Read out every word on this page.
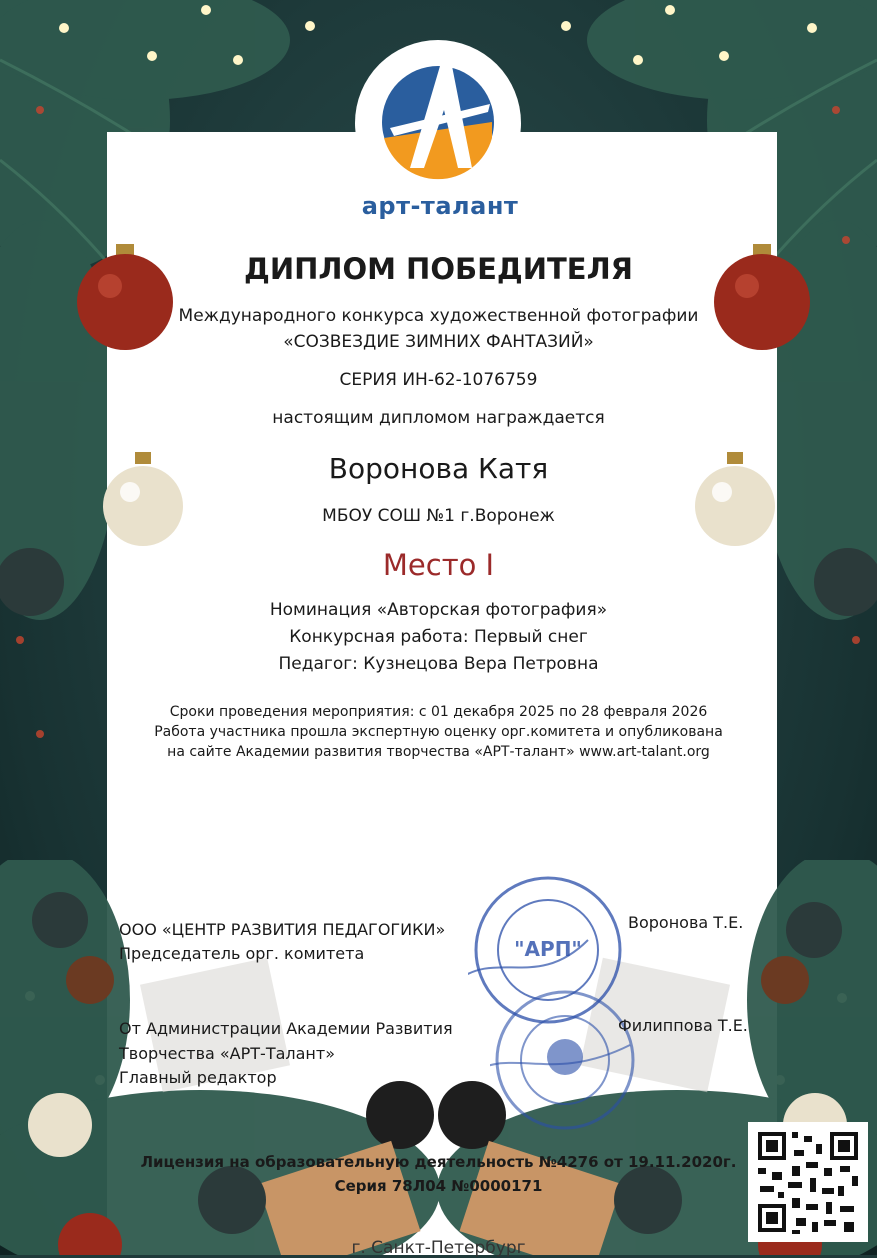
арт-талант
ДИПЛОМ ПОБЕДИТЕЛЯ
Международного конкурса художественной фотографии
«СОЗВЕЗДИЕ ЗИМНИХ ФАНТАЗИЙ»
СЕРИЯ ИН-62-1076759
настоящим дипломом награждается
Воронова Катя
МБОУ СОШ №1 г.Воронеж
Место I
Номинация «Авторская фотография»
Конкурсная работа: Первый снег
Педагог: Кузнецова Вера Петровна
Сроки проведения мероприятия: с 01 декабря 2025 по 28 февраля 2026
Работа участника прошла экспертную оценку орг.комитета и опубликована
на сайте Академии развития творчества «АРТ-талант» www.art-talant.org
"АРП"
ООО «ЦЕНТР РАЗВИТИЯ ПЕДАГОГИКИ»
Председатель орг. комитета
Воронова Т.Е.
От Администрации Академии Развития
Творчества «АРТ-Талант»
Главный редактор
Филиппова Т.Е.
Лицензия на образовательную деятельность №4276 от 19.11.2020г.
Серия 78Л04 №0000171
г. Санкт-Петербург
